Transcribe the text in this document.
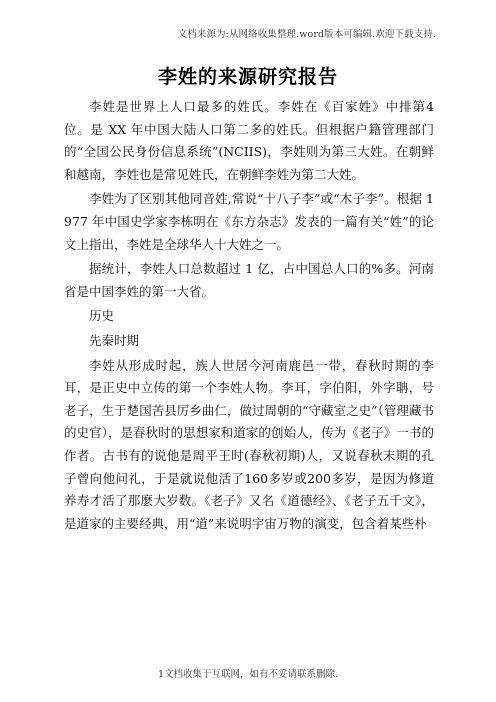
文档来源为:从网络收集整理.word版本可编辑.欢迎下载支持.
李姓的来源研究报告

李姓是世界上人口最多的姓氏。李姓在《百家姓》中排第4位。是 XX 年中国大陆人口第二多的姓氏。但根据户籍管理部门的“全国公民身份信息系统”(NCIIS)，李姓则为第三大姓。在朝鲜和越南，李姓也是常见姓氏，在朝鲜李姓为第二大姓。

李姓为了区别其他同音姓,常说“十八子李”或“木子李”。根据 1977 年中国史学家李栋明在《东方杂志》发表的一篇有关“姓”的论文上指出，李姓是全球华人十大姓之一。

据统计，李姓人口总数超过 1 亿，占中国总人口的%多。河南省是中国李姓的第一大省。

历史

先秦时期

李姓从形成时起，族人世居今河南鹿邑一带，春秋时期的李耳，是正史中立传的第一个李姓人物。李耳，字伯阳，外字聃，号老子，生于楚国苦县厉乡曲仁，做过周朝的“守藏室之史”（管理藏书的史官），是春秋时的思想家和道家的创始人，传为《老子》一书的作者。古书有的说他是周平王时(春秋初期)人，又说春秋末期的孔子曾向他问礼，于是就说他活了160多岁或200多岁，是因为修道养寿才活了那麽大岁数。《老子》又名《道德经》、《老子五千文》，是道家的主要经典，用“道”来说明宇宙万物的演变，包含着某些朴

1文档收集于互联网，如有不妥请联系删除.
